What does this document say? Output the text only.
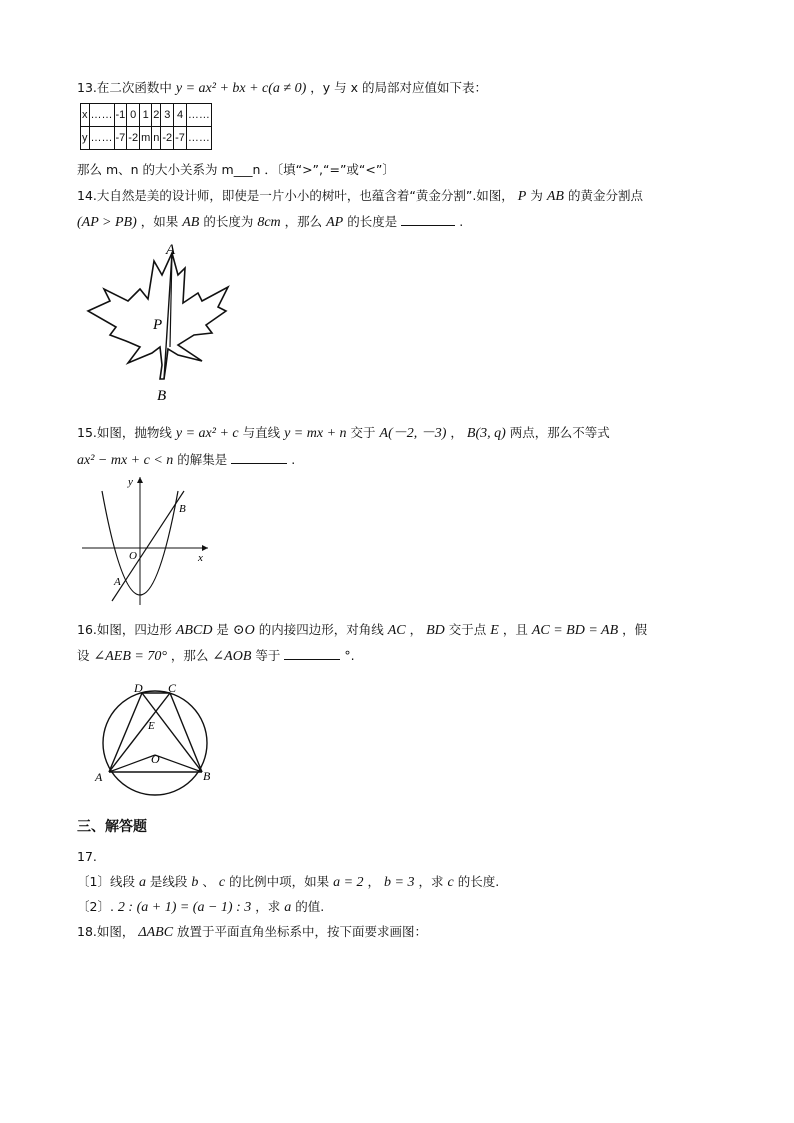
13.在二次函数中 y = ax² + bx + c(a ≠ 0) ，y 与 x 的局部对应值如下表：
x	……	-1	0	1	2	3	4	……
y	……	-7	-2	m	n	-2	-7	……
那么 m、n 的大小关系为 m___n ．〔填“>”,“=”或“<”〕
14.大自然是美的设计师，即使是一片小小的树叶，也蕴含着“黄金分割”.如图， P 为 AB 的黄金分割点
(AP > PB) ，如果 AB 的长度为 8cm ，那么 AP 的长度是	.
A
P
B
15.如图，抛物线 y = ax² + c 与直线 y = mx + n 交于 A(－2, －3) ， B(3, q) 两点，那么不等式
ax² − mx + c < n 的解集是	.
y
x
O
A
B
16.如图，四边形 ABCD 是 ⊙O 的内接四边形，对角线 AC ， BD 交于点 E ，且 AC = BD = AB ，假
设 ∠AEB = 70° ，那么 ∠AOB 等于	°.
D C
E
O
A	B
三、解答题
17.
〔1〕线段 a 是线段 b 、 c 的比例中项，如果 a = 2 ， b = 3 ，求 c 的长度.
〔2〕. 2 : (a + 1) = (a − 1) : 3 ，求 a 的值.
18.如图， ΔABC 放置于平面直角坐标系中，按下面要求画图：
